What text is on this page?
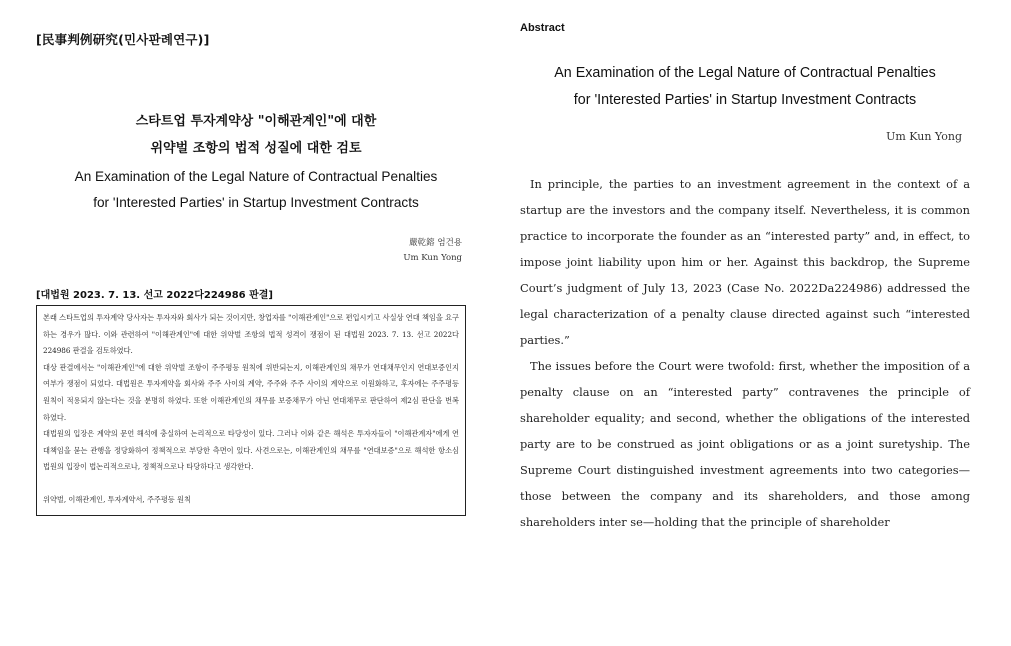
[民事判例研究(민사판례연구)]
스타트업 투자계약상 "이해관계인"에 대한
위약벌 조항의 법적 성질에 대한 검토
An Examination of the Legal Nature of Contractual Penalties
for 'Interested Parties' in Startup Investment Contracts
嚴乾鎔 엄건용
Um Kun Yong
[대법원 2023. 7. 13. 선고 2022다224986 판결]

본래 스타트업의 투자계약 당사자는 투자자와 회사가 되는 것이지만, 창업자를 "이해관계인"으로 편입시키고 사실상 연대 책임을 요구하는 경우가 많다. 이와 관련하여 "이해관계인"에 대한 위약벌 조항의 법적 성격이 쟁점이 된 대법원 2023. 7. 13. 선고 2022다224986 판결을 검토하였다.

대상 판결에서는 "이해관계인"에 대한 위약벌 조항이 주주평등 원칙에 위반되는지, 이해관계인의 채무가 연대채무인지 연대보증인지 여부가 쟁점이 되었다. 대법원은 투자계약을 회사와 주주 사이의 계약, 주주와 주주 사이의 계약으로 이원화하고, 후자에는 주주평등 원칙이 적용되지 않는다는 것을 분명히 하였다. 또한 이해관계인의 채무를 보증채무가 아닌 연대채무로 판단하여 제2심 판단을 번복하였다.

대법원의 입장은 계약의 문언 해석에 충실하여 논리적으로 타당성이 있다. 그러나 이와 같은 해석은 투자자들이 "이해관계자"에게 연대책임을 묻는 관행을 정당화하여 정책적으로 부당한 측면이 있다. 사견으로는, 이해관계인의 채무를 "연대보증"으로 해석한 항소심 법원의 입장이 법논리적으로나, 정책적으로나 타당하다고 생각한다.

위약벌, 이해관계인, 투자계약서, 주주평등 원칙

Abstract
An Examination of the Legal Nature of Contractual Penalties
for 'Interested Parties' in Startup Investment Contracts
Um Kun Yong

In principle, the parties to an investment agreement in the context of a startup are the investors and the company itself. Nevertheless, it is common practice to incorporate the founder as an “interested party” and, in effect, to impose joint liability upon him or her. Against this backdrop, the Supreme Court’s judgment of July 13, 2023 (Case No. 2022Da224986) addressed the legal characterization of a penalty clause directed against such “interested parties.”

The issues before the Court were twofold: first, whether the imposition of a penalty clause on an “interested party” contravenes the principle of shareholder equality; and second, whether the obligations of the interested party are to be construed as joint obligations or as a joint suretyship. The Supreme Court distinguished investment agreements into two categories—those between the company and its shareholders, and those among shareholders inter se—holding that the principle of shareholder
